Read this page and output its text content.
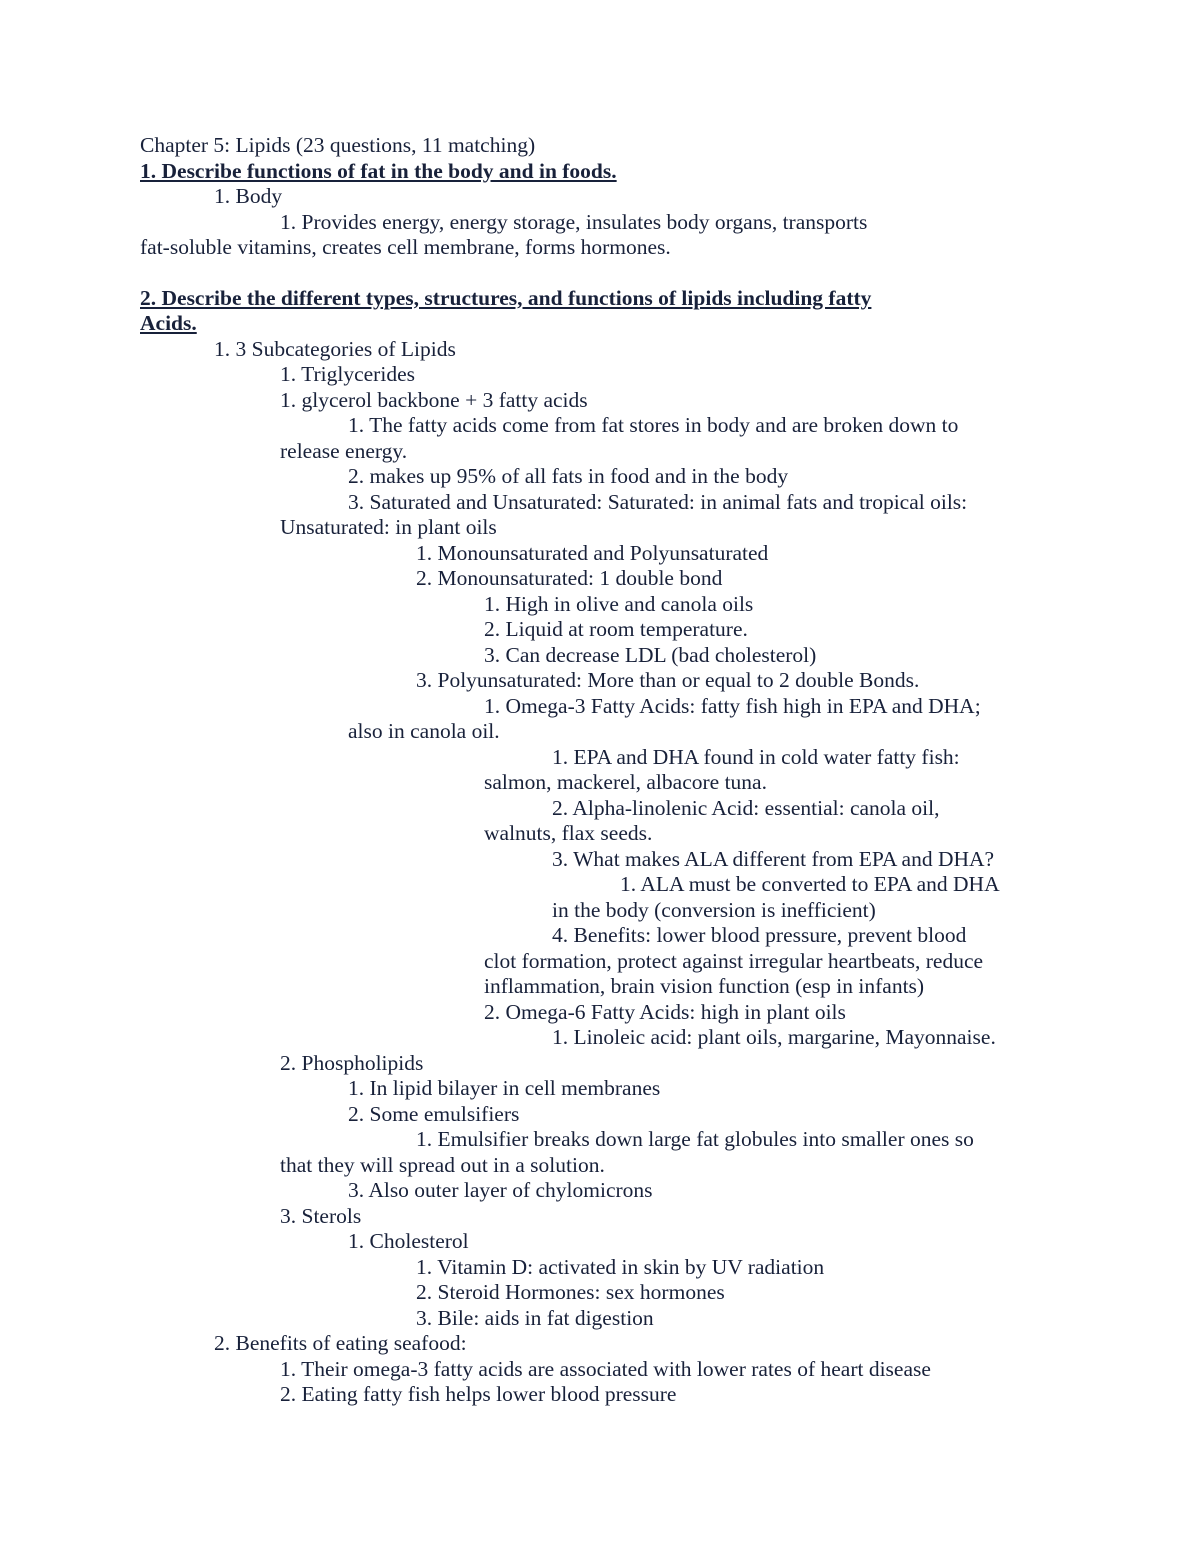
Chapter 5: Lipids (23 questions, 11 matching)
1. Describe functions of fat in the body and in foods.
1. Body
1. Provides energy, energy storage, insulates body organs, transports
fat-soluble vitamins, creates cell membrane, forms hormones.
2. Describe the different types, structures, and functions of lipids including fatty
Acids.
1. 3 Subcategories of Lipids
1. Triglycerides
1. glycerol backbone + 3 fatty acids
1. The fatty acids come from fat stores in body and are broken down to
release energy.
2. makes up 95% of all fats in food and in the body
3. Saturated and Unsaturated: Saturated: in animal fats and tropical oils:
Unsaturated: in plant oils
1. Monounsaturated and Polyunsaturated
2. Monounsaturated: 1 double bond
1. High in olive and canola oils
2. Liquid at room temperature.
3. Can decrease LDL (bad cholesterol)
3. Polyunsaturated: More than or equal to 2 double Bonds.
1. Omega-3 Fatty Acids: fatty fish high in EPA and DHA;
also in canola oil.
1. EPA and DHA found in cold water fatty fish:
salmon, mackerel, albacore tuna.
2. Alpha-linolenic Acid: essential: canola oil,
walnuts, flax seeds.
3. What makes ALA different from EPA and DHA?
1. ALA must be converted to EPA and DHA
in the body (conversion is inefficient)
4. Benefits: lower blood pressure, prevent blood
clot formation, protect against irregular heartbeats, reduce
inflammation, brain vision function (esp in infants)
2. Omega-6 Fatty Acids: high in plant oils
1. Linoleic acid: plant oils, margarine, Mayonnaise.
2. Phospholipids
1. In lipid bilayer in cell membranes
2. Some emulsifiers
1. Emulsifier breaks down large fat globules into smaller ones so
that they will spread out in a solution.
3. Also outer layer of chylomicrons
3. Sterols
1. Cholesterol
1. Vitamin D: activated in skin by UV radiation
2. Steroid Hormones: sex hormones
3. Bile: aids in fat digestion
2. Benefits of eating seafood:
1. Their omega-3 fatty acids are associated with lower rates of heart disease
2. Eating fatty fish helps lower blood pressure
